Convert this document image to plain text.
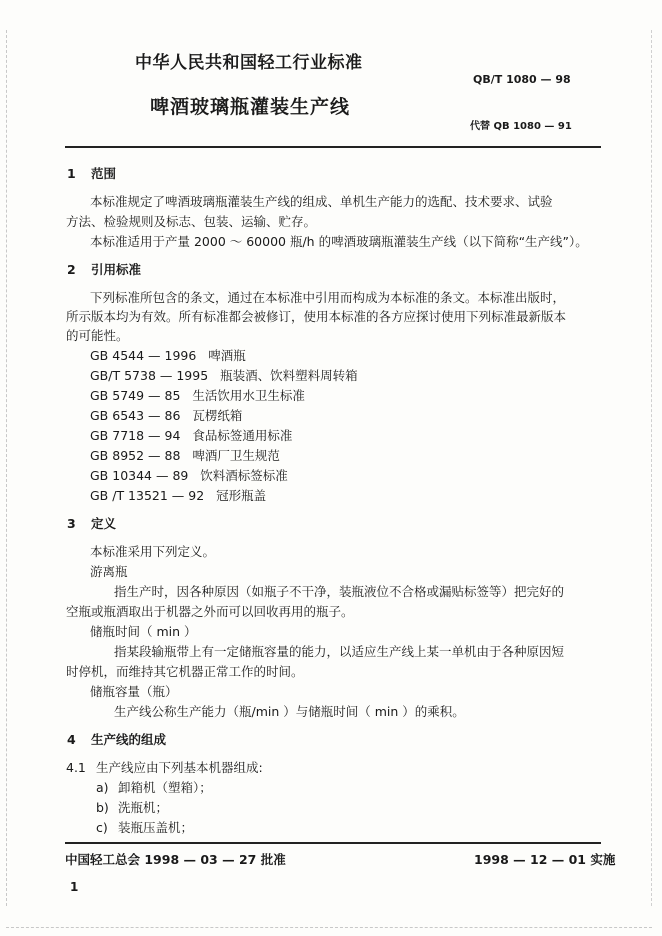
中华人民共和国轻工行业标准
QB/T 1080 — 98
啤酒玻璃瓶灌装生产线
代替 QB 1080 — 91
1 范围
本标准规定了啤酒玻璃瓶灌装生产线的组成、单机生产能力的选配、技术要求、试验
方法、检验规则及标志、包装、运输、贮存。
本标准适用于产量 2000 ～ 60000 瓶/h 的啤酒玻璃瓶灌装生产线（以下简称“生产线”）。
2 引用标准
下列标准所包含的条文，通过在本标准中引用而构成为本标准的条文。本标准出版时，
所示版本均为有效。所有标准都会被修订，使用本标准的各方应探讨使用下列标准最新版本
的可能性。
GB 4544 — 1996 啤酒瓶
GB/T 5738 — 1995 瓶装酒、饮料塑料周转箱
GB 5749 — 85 生活饮用水卫生标准
GB 6543 — 86 瓦楞纸箱
GB 7718 — 94 食品标签通用标准
GB 8952 — 88 啤酒厂卫生规范
GB 10344 — 89 饮料酒标签标准
GB /T 13521 — 92 冠形瓶盖
3 定义
本标准采用下列定义。
游离瓶
指生产时，因各种原因（如瓶子不干净，装瓶液位不合格或漏贴标签等）把完好的
空瓶或瓶酒取出于机器之外而可以回收再用的瓶子。
储瓶时间（ min ）
指某段输瓶带上有一定储瓶容量的能力，以适应生产线上某一单机由于各种原因短
时停机，而维持其它机器正常工作的时间。
储瓶容量（瓶）
生产线公称生产能力（瓶/min ）与储瓶时间（ min ）的乘积。
4 生产线的组成
4.1 生产线应由下列基本机器组成:
a) 卸箱机（塑箱）；
b) 洗瓶机；
c) 装瓶压盖机；
中国轻工总会 1998 — 03 — 27 批准	1998 — 12 — 01 实施
1
